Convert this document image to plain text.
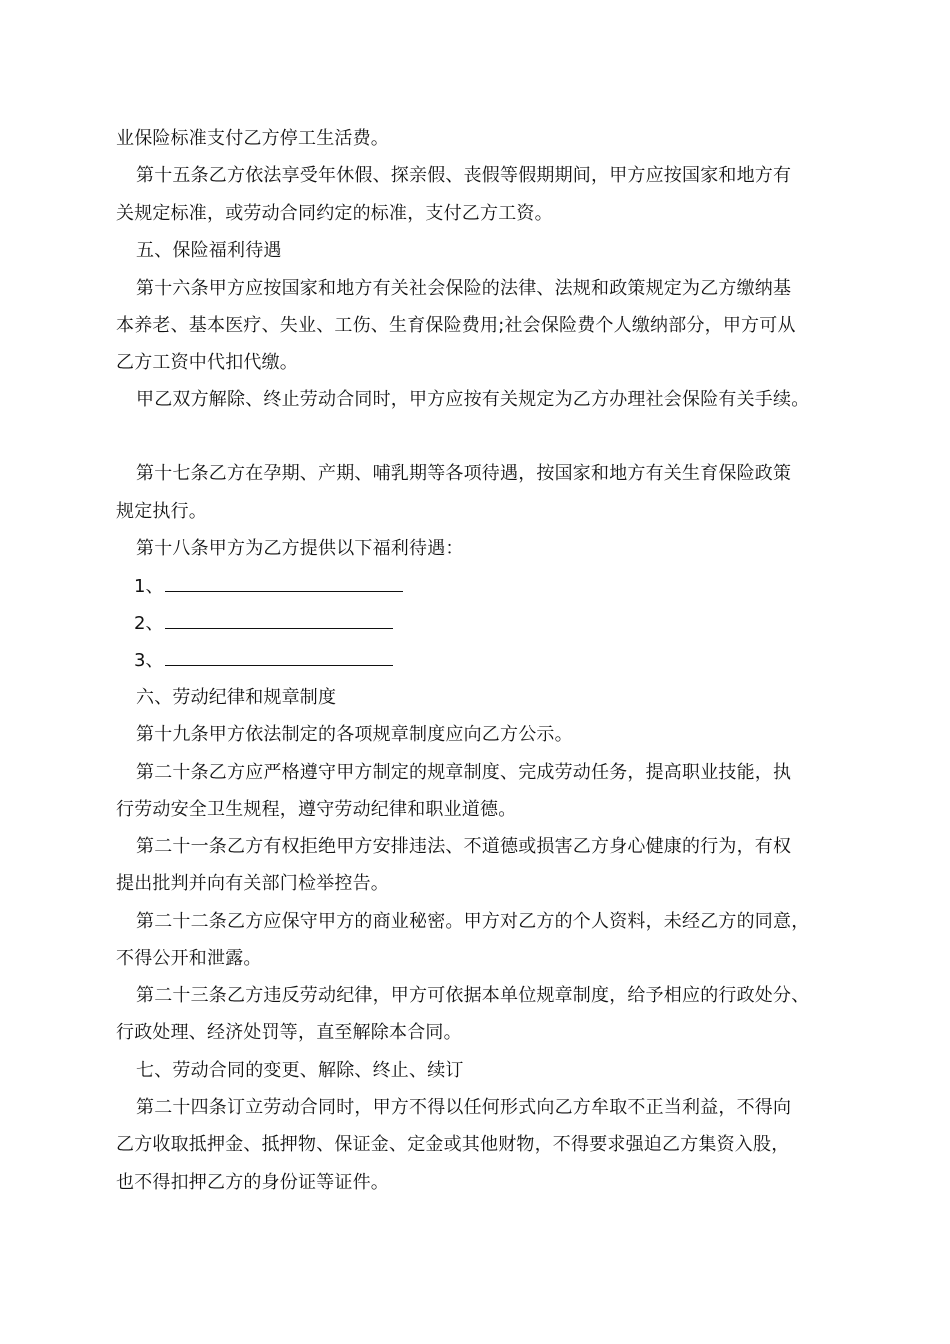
业保险标准支付乙方停工生活费。
第十五条乙方依法享受年休假、探亲假、丧假等假期期间，甲方应按国家和地方有
关规定标准，或劳动合同约定的标准，支付乙方工资。
五、保险福利待遇
第十六条甲方应按国家和地方有关社会保险的法律、法规和政策规定为乙方缴纳基
本养老、基本医疗、失业、工伤、生育保险费用;社会保险费个人缴纳部分，甲方可从
乙方工资中代扣代缴。
甲乙双方解除、终止劳动合同时，甲方应按有关规定为乙方办理社会保险有关手续。
第十七条乙方在孕期、产期、哺乳期等各项待遇，按国家和地方有关生育保险政策
规定执行。
第十八条甲方为乙方提供以下福利待遇：
1、
2、
3、
六、劳动纪律和规章制度
第十九条甲方依法制定的各项规章制度应向乙方公示。
第二十条乙方应严格遵守甲方制定的规章制度、完成劳动任务，提高职业技能，执
行劳动安全卫生规程，遵守劳动纪律和职业道德。
第二十一条乙方有权拒绝甲方安排违法、不道德或损害乙方身心健康的行为，有权
提出批判并向有关部门检举控告。
第二十二条乙方应保守甲方的商业秘密。甲方对乙方的个人资料，未经乙方的同意，
不得公开和泄露。
第二十三条乙方违反劳动纪律，甲方可依据本单位规章制度，给予相应的行政处分、
行政处理、经济处罚等，直至解除本合同。
七、劳动合同的变更、解除、终止、续订
第二十四条订立劳动合同时，甲方不得以任何形式向乙方牟取不正当利益，不得向
乙方收取抵押金、抵押物、保证金、定金或其他财物，不得要求强迫乙方集资入股，
也不得扣押乙方的身份证等证件。
